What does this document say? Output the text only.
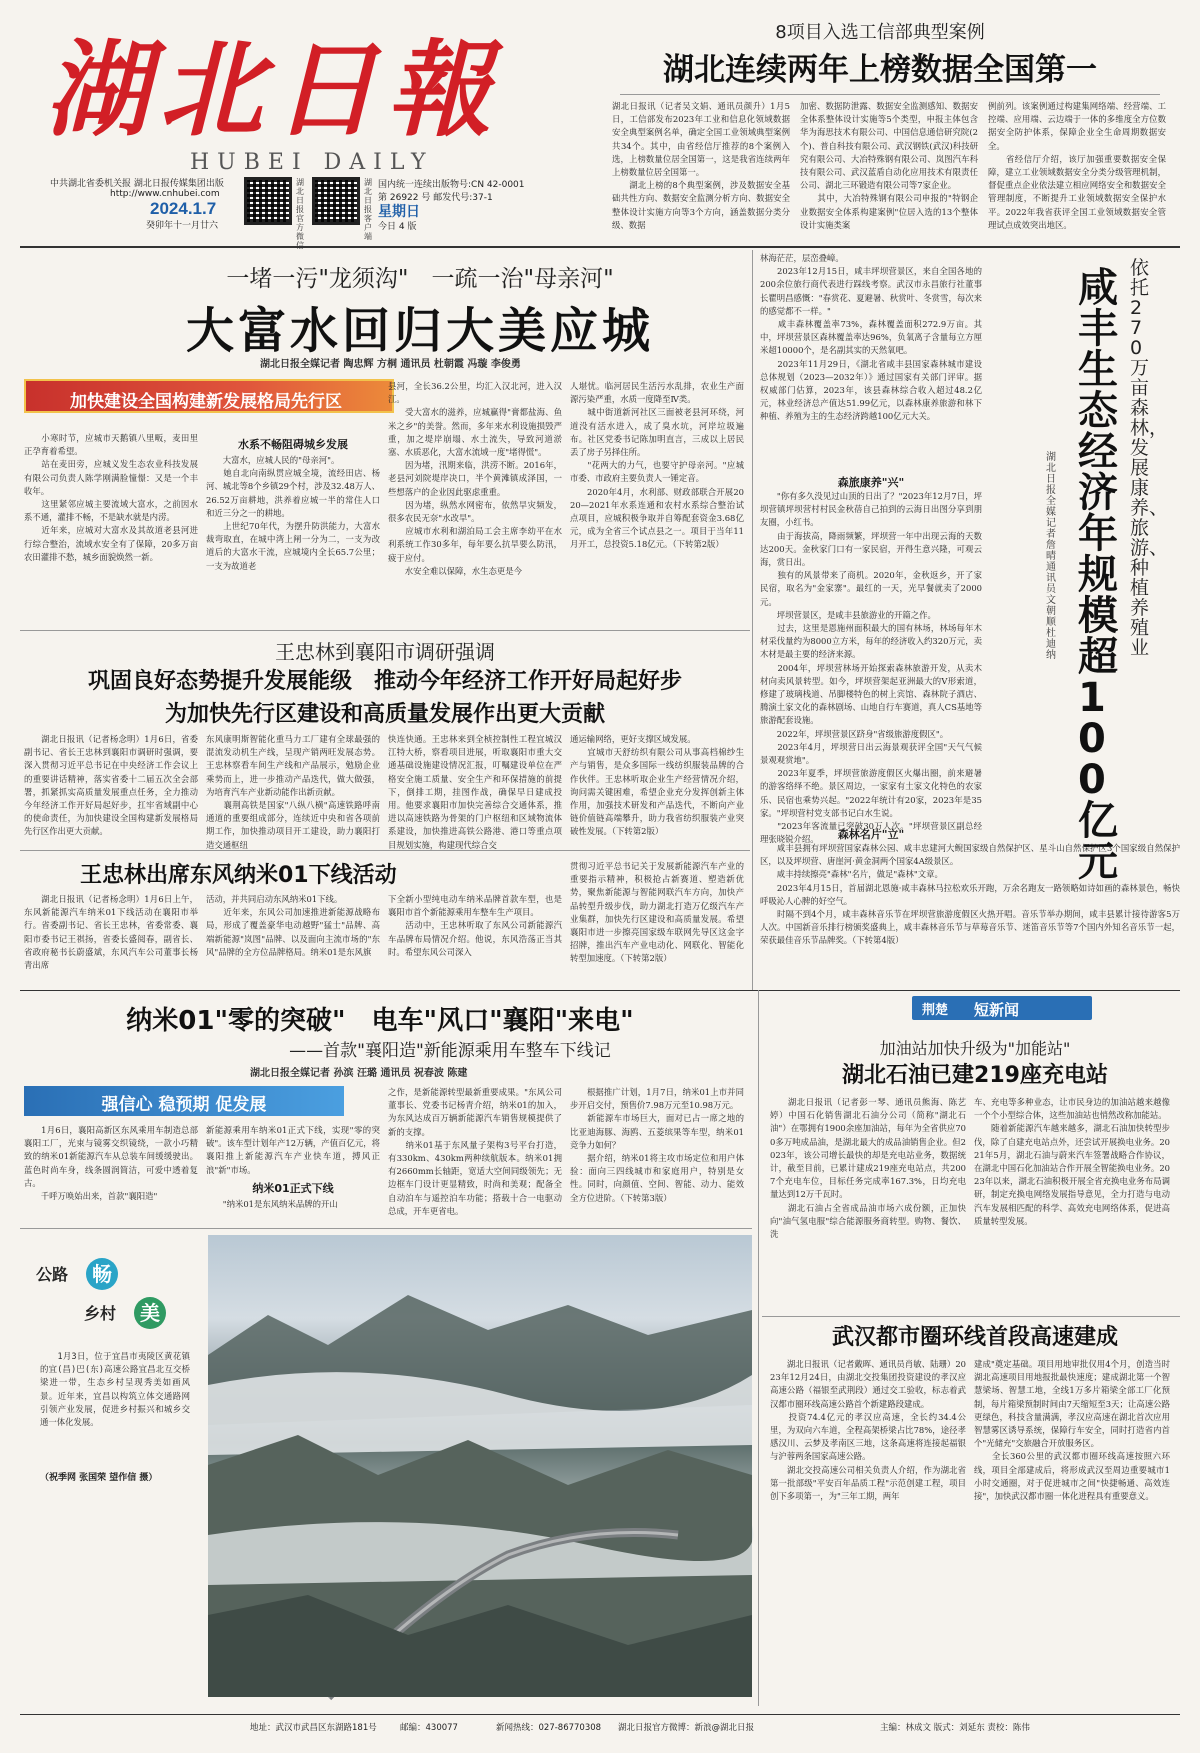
湖北日報
HUBEI DAILY
中共湖北省委机关报 湖北日报传媒集团出版
http://www.cnhubei.com
2024.1.7
癸卯年十一月廿六
湖北日报官方微
湖北日报客户端
国内统一连续出版物号:CN 42-0001
第 26922 号 邮发代号:37-1
星期日
今日 4 版
8项目入选工信部典型案例
湖北连续两年上榜数据全国第一
湖北日报讯（记者吴文娟、通讯员颜升）1月5日，工信部发布2023年工业和信息化领域数据安全典型案例名单，确定全国工业领域典型案例共34个。其中，由省经信厅推荐的8个案例入选，上榜数量位居全国第一，这是我省连续两年上榜数量位居全国第一。
　　湖北上榜的8个典型案例，涉及数据安全基础共性方向、数据安全监测分析方向、数据安全整体设计实施方向等3个方向，涵盖数据分类分级、数据
加密、数据防泄露、数据安全监测感知、数据安全体系整体设计实施等5个类型，申报主体包含华为海思技术有限公司、中国信息通信研究院(2个)、普自科技有限公司、武汉钢铁(武汉)科技研究有限公司、大冶特殊钢有限公司、岚图汽车科技有限公司、武汉蓝盾自动化应用技术有限责任公司、湖北三环锻造有限公司等7家企业。
　　其中，大冶特殊钢有限公司申报的"特钢企业数据安全体系构建案例"位居入选的13个整体设计实施类案
例前列。该案例通过构建集网络端、经营端、工控端、应用端、云边端于一体的多维度全方位数据安全防护体系，保障企业全生命周期数据安全。
　　省经信厅介绍，该厅加强重要数据安全保障，建立工业领域数据安全分类分级管理机制，督促重点企业依法建立相应网络安全和数据安全管理制度，不断提升工业领域数据安全保护水平。2022年我省获评全国工业领域数据安全管理试点成效突出地区。
一堵一污"龙须沟"　一疏一治"母亲河"
大富水回归大美应城
湖北日报全媒记者 陶忠辉 方桐 通讯员 杜朝霞 冯璇 李俊勇
加快建设全国构建新发展格局先行区
　　小寒时节，应城市天鹅镇八里畈，麦田里正孕育着希望。
　　站在麦田旁，应城义发生态农业科技发展有限公司负责人陈学刚满脸憧憬：又是一个丰收年。
　　这里紧邻应城主要流域大富水，之前因水系不通，灌排不畅，不是缺水就是内涝。
　　近年来，应城对大富水及其故道老县河进行综合整治，流域水安全有了保障，20多万亩农田灌排不愁，城乡面貌焕然一新。
水系不畅阻碍城乡发展
　　大富水，应城人民的"母亲河"。
　　她自北向南纵贯应城全境，流经田店、杨河、城北等8个乡镇29个村，涉及32.48万人、26.52万亩耕地，洪养着应城一半的常住人口和近三分之一的耕地。
　　上世纪70年代，为摆升防洪能力，大富水裁弯取直，在城中湾上闸一分为二，一支为改道后的大富水干流，应城境内全长65.7公里；一支为故道老
县河，全长36.2公里，均汇入汉北河，进入汉江。
　　受大富水的滋养，应城赢得"膏都盐海、鱼米之乡"的美誉。然而，多年来水利设施损毁严重，加之堤岸崩塌、水土流失，导致河道淤塞、水质恶化，大富水流域一度"堵得慌"。
　　因为堵，汛期来临，洪涝不断。2016年，老县河刘院堤岸决口，半个黄滩镇成泽国，一些想落户的企业因此驱虑重重。
　　因为堵，纵然水网密布，依然旱灾频发，很多农民无奈"水改旱"。
　　应城市水利和湖泊局工会主席李幼平在水利系统工作30多年，每年要么抗旱要么防汛，疲于应付。
　　水安全难以保障，水生态更是今
人堪忧。临河居民生活污水乱排，农业生产面源污染严重，水质一度降至Ⅳ类。
　　城中街道新河社区三面被老县河环绕，河道没有活水进入，成了臭水坑，河岸垃圾遍布。社区党委书记陈加明直言，三成以上居民丢了房子另择住所。
　　"花两大的力气，也要守护母亲河。"应城市委、市政府主要负责人一锤定音。
　　2020年4月，水利部、财政部联合开展2020—2021年水系连通和农村水系综合整治试点项目，应城积极争取并自筹配套资金3.68亿元，成为全省三个试点县之一。项目于当年11月开工，总投资5.18亿元。（下转第2版）
林海茫茫，层峦叠嶂。
　　2023年12月15日，咸丰坪坝营景区，来自全国各地的200余位旅行商代表进行踩线考察。武汉市永昌旅行社董事长瞿明昌感慨："春赏花、夏避暑、秋赏叶、冬赏雪，每次来的感觉都不一样。"
　　咸丰森林覆盖率73%，森林覆盖面积272.9万亩。其中，坪坝营景区森林覆盖率达96%，负氧离子含量每立方厘米超10000个，是名副其实的天然氧吧。
　　2023年11月29日，《湖北省咸丰县国家森林城市建设总体规划（2023—2032年）》通过国家有关部门评审。据权威部门估算，2023年，该县森林综合收入超过48.2亿元，林业经济总产值达51.99亿元，以森林康养旅游和林下种植、养殖为主的生态经济跨越100亿元大关。
森旅康养"兴"
　　"你有多久没见过山顶的日出了？"2023年12月7日，坪坝营镇坪坝营村村民金秋蓓自己拍到的云海日出图分享到朋友圈，小红书。
　　由于海拔高，降雨频繁，坪坝营一年中出现云海的天数达200天。金秋家门口有一家民宿，开得生意兴隆，可观云海，赏日出。
　　独有的风景带来了商机。2020年，金秋返乡，开了家民宿，取名为"金家寨"。最红的一天，光早餐就卖了2000元。
　　坪坝营景区，是咸丰县旅游业的开篇之作。
　　过去，这里是恩施州面积最大的国有林场，林场每年木材采伐量约为8000立方米，每年的经济收入约320万元，卖木材是最主要的经济来源。
　　2004年，坪坝营林场开始探索森林旅游开发，从卖木材向卖风景转型。如今，坪坝营架起亚洲最大的V形索道，修建了玻璃栈道、吊脚楼特色的树上宾馆、森林院子酒店、腾演土家文化的森林剧场、山地自行车赛道，真人CS基地等旅游配套设施。
　　2022年，坪坝营景区跻身"省级旅游度假区"。
　　2023年4月，坪坝营日出云海景观获评全国"天气气候景观观赏地"。
　　2023年夏季，坪坝营旅游度假区火爆出圈，前来避暑的游客络绎不绝。景区周边，一家家有土家文化特色的农家乐、民宿也乘势兴起。"2022年统计有20家，2023年是35家。"坪坝营村党支部书记白水生说。
　　"2023年客流量已突破30万人次。"坪坝营景区副总经理张晓锐介绍。	森林名片"立"
　　咸丰县拥有坪坝营国家森林公园、咸丰忠建河大鲵国家级自然保护区、星斗山自然保护区3个国家级自然保护区，以及坪坝营、唐崖河·黄金洞两个国家4A级景区。
　　咸丰持续擦亮"森林"名片，做足"森林"文章。
　　2023年4月15日，首届湖北恩施·咸丰森林马拉松欢乐开跑，万余名跑友一路领略如诗如画的森林景色，畅快呼吸沁人心脾的好空气。
　　时隔不到4个月，咸丰森林音乐节在坪坝营旅游度假区火热开唱。音乐节举办期间，咸丰县累计接待游客5万人次。中国新音乐排行榜颁奖盛典上，咸丰森林音乐节与草莓音乐节、迷笛音乐节等7个国内外知名音乐节一起，荣获最佳音乐节品牌奖。（下转第4版）
依托270万亩森林，发展康养、旅游、种植养殖业
咸丰生态经济年规模超100亿元
湖北日报全媒记者 詹晴 通讯员 文朝顺 杜迪纳
王忠林到襄阳市调研强调
巩固良好态势提升发展能级　推动今年经济工作开好局起好步
为加快先行区建设和高质量发展作出更大贡献
　　湖北日报讯（记者杨念明）1月6日，省委副书记、省长王忠林到襄阳市调研时强调，要深入贯彻习近平总书记在中央经济工作会议上的重要讲话精神，落实省委十二届五次全会部署，抓紧抓实高质量发展重点任务，全力推动今年经济工作开好局起好步，扛牢省域副中心的使命责任，为加快建设全国构建新发展格局先行区作出更大贡献。
东风康明斯智能化重马力工厂建有全球最强的混流发动机生产线，呈现产销两旺发展态势。王忠林察看车间生产线和产品展示，勉励企业乘势而上，进一步推动产品迭代，做大做强，为培育汽车产业新动能作出新贡献。
　　襄荆高铁是国家"八纵八横"高速铁路呼南通道的重要组成部分，连续近中央和省各项前期工作，加快推动项目开工建设，助力襄阳打造交通枢纽
快连快通。王忠林来到全桢控制性工程宜城汉江特大桥，察看项目进展，听取襄阳市重大交通基础设施建设情况汇报，叮嘱建设单位在严格安全施工质量、安全生产和环保措施的前提下，倒排工期，挂图作战，确保早日建成投用。他要求襄阳市加快完善综合交通体系，推进以高速铁路为骨架的门户枢纽和区域物流体系建设，加快推进高铁公路港、港口等重点项目规划实施，构建现代综合交
通运输网络，更好支撑区域发展。
　　宜城市天舒纺织有限公司从事高档棉纱生产与销售，是众多国际一线纺织服装品牌的合作伙伴。王忠林听取企业生产经营情况介绍，询问需关键困难，希望企业充分发挥创新主体作用，加强技术研发和产品迭代，不断向产业链价值链高端攀升，助力我省纺织服装产业突破性发展。（下转第2版）
王忠林出席东风纳米01下线活动
　　湖北日报讯（记者杨念明）1月6日上午，东风新能源汽车纳米01下线活动在襄阳市举行。省委副书记、省长王忠林，省委常委、襄阳市委书记王祺扬，省委长盛阅春，副省长、省政府秘书长蔚盛斌，东风汽车公司董事长杨青出席
活动，并共同启动东风纳米01下线。
　　近年来，东风公司加速推进新能源战略布局，形成了覆盖豪华电动越野"猛士"品牌、高端新能源"岚图"品牌、以及面向主流市场的"东风"品牌的全方位品牌格局。纳米01是东风旗
下全新小型纯电动车纳米品牌首款车型，也是襄阳市首个新能源乘用车整车生产项目。
　　活动中，王忠林听取了东风公司新能源汽车品牌布局情况介绍。他说，东风浩荡正当其时。希望东风公司深入
贯彻习近平总书记关于发展新能源汽车产业的重要指示精神，积极抢占新赛道、塑造新优势，聚焦新能源与智能网联汽车方向，加快产品转型升级步伐，助力湖北打造万亿级汽车产业集群，加快先行区建设和高质量发展。希望襄阳市进一步擦亮国家级车联网先导区这金字招牌，推出汽车产业电动化、网联化、智能化转型加速度。（下转第2版）
纳米01"零的突破"　电车"风口"襄阳"来电"
——首款"襄阳造"新能源乘用车整车下线记
湖北日报全媒记者 孙滨 汪璐 通讯员 祝春波 陈建
强信心 稳预期 促发展
　　1月6日，襄阳高新区东风乘用车制造总部襄阳工厂，光束与镜雾交织镜绕，一款小巧精致的纳米01新能源汽车从总装车间缓缓驶出。蓝色时尚车身，线条圆润简洁，可爱中透着复古。
　　千呼万唤始出来，首款"襄阳造"
新能源乘用车纳米01正式下线，实现"零的突破"。该车型计划年产12万辆，产值百亿元，将襄阳推上新能源汽车产业快车道，搏风正浪"新"市场。
纳米01正式下线
　　"纳米01是东风纳米品牌的开山
之作，是新能源转型最新重要成果。"东风公司董事长、党委书记杨青介绍，纳米01的加入，为东风达成百万辆新能源汽车销售规模提供了新的支撑。
　　纳米01基于东风量子架构3号平台打造，有330km、430km两种续航版本。纳米01拥有2660mm长轴距，宽适大空间同级领先；无边框车门设计更显精致，时尚和美观；配备全自动泊车与遥控泊车功能；搭载十合一电驱动总成，开车更省电。
　　根据推广计划，1月7日，纳米01上市并同步开启交付，预售价7.98万元至10.98万元。
　　新能源车市场巨大，面对已占一席之地的比亚迪海豚、海鸥、五菱缤果等车型，纳米01竞争力如何？
　　据介绍，纳米01将主攻市场定位和用户体验：面向三四线城市和家庭用户，特别是女性。同时，向颜值、空间、智能、动力、能效全方位进阶。（下转第3版）
荆楚 短新闻
加油站加快升级为"加能站"
湖北石油已建219座充电站
　　湖北日报讯（记者彭一琴、通讯员熊海、陈艺婷）中国石化销售湖北石油分公司（简称"湖北石油"）在鄂拥有1900余座加油站，每年为全省供应700多万吨成品油，是湖北最大的成品油销售企业。但2023年，该公司增长最快的却是充电站业务，数据统计，截至目前，已累计建成219座充电站点，共2007个充电车位，目标任务完成率167.3%，日均充电量达到12万千瓦时。
　　湖北石油占全省成品油市场六成份额，正加快向"油气氢电服"综合能源服务商转型。购物、餐饮、洗
车、充电等多种业态，让市民身边的加油站越来越像一个个小型综合体，这些加油站也悄然改称加能站。
　　随着新能源汽车越来越多，湖北石油加快转型步伐，除了自建充电站点外，还尝试开展换电业务。2021年5月，湖北石油与蔚来汽车签署战略合作协议，在湖北中国石化加油站合作开展全智能换电业务。2023年以来，湖北石油积极开展全省充换电业务布局调研，制定充换电网络发展指导意见，全力打造与电动汽车发展相匹配的科学、高效充电网络体系，促进高质量转型发展。
武汉都市圈环线首段高速建成
　　湖北日报讯（记者戴晖、通讯员肖敏、陆珊）2023年12月24日，由湖北交投集团投资建设的孝汉应高速公路（福银至武荆段）通过交工验收，标志着武汉都市圈环线高速公路首个新建路段建成。
　　投资74.4亿元的孝汉应高速，全长约34.4公里，为双向六车道，全程高架桥梁占比78%，途径孝感汉川、云梦及孝南区三地，这条高速将连接起福银与沪蓉两条国家高速公路。
　　湖北交投高速公司相关负责人介绍，作为湖北省第一批部级"平安百年品质工程"示范创建工程，项目创下多项第一，为"三年工期，两年
建成"奠定基础。项目用地审批仅用4个月，创造当时湖北高速项目用地报批最快速度；建成湖北第一个智慧梁场、智慧工地，全线1万多片箱梁全部工厂化预制，每片箱梁预制时间由7天缩短至3天；让高速公路更绿色，科技含量满满，孝汉应高速在湖北首次应用智慧雾区诱导系统，保障行车安全，同时打造省内首个"光储充"交旅融合开放服务区。
　　全长360公里的武汉都市圈环线高速按照六环线，项目全部建成后，将形成武汉至周边重要城市1小时交通圈，对于促进城市之间"快捷畅通、高效连接"，加快武汉都市圈一体化进程具有重要意义。
公路	畅
乡村	美
　　1月3日，位于宜昌市夷陵区黄花镇的宜(昌)巴(东)高速公路宜昌北互交桥梁进一带，生态乡村呈现秀美如画风景。近年来，宜昌以构筑立体交通路网引领产业发展，促进乡村振兴和城乡交通一体化发展。
（祝季网 张国荣 望作信 摄）
地址：武汉市武昌区东湖路181号	邮编：430077	新闻热线：027-86770308 湖北日报官方微博：新浪@湖北日报	主编：林成文 版式：刘延东 责校：陈伟
